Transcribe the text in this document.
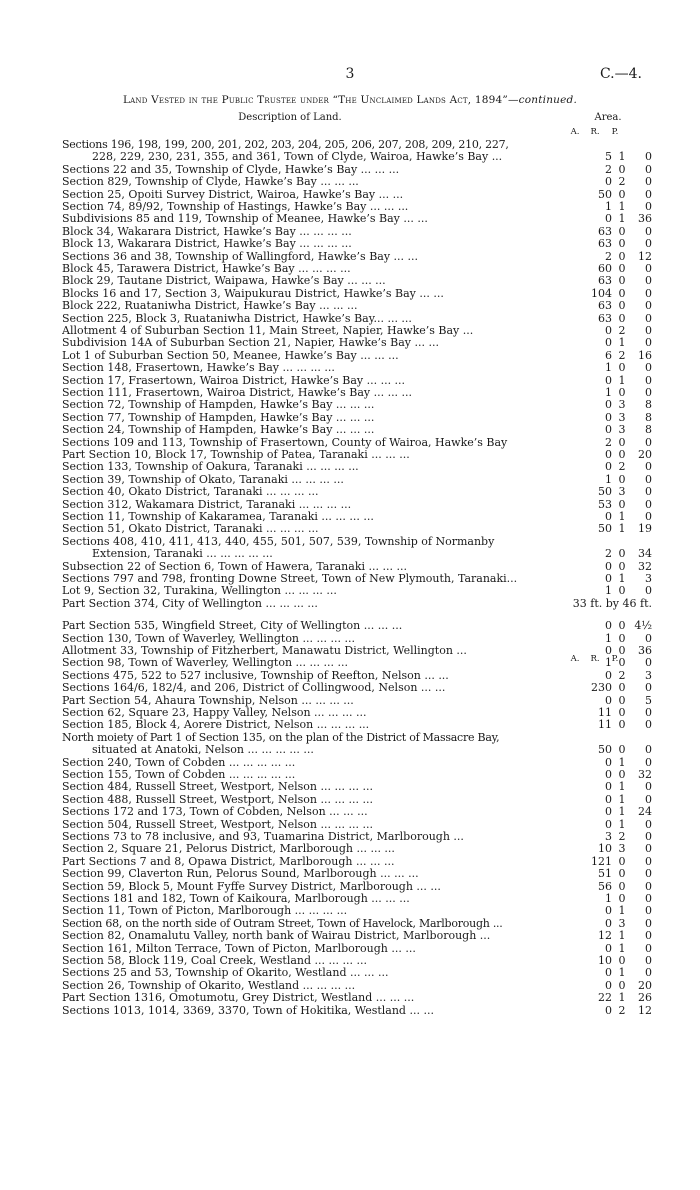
3	C.—4.
Land Vested in the Public Trustee under “The Unclaimed Lands Act, 1894”—continued.
Description of Land.	Area.
A.	R.	P.
A.	R.	P.
Sections 196, 198, 199, 200, 201, 202, 203, 204, 205, 206, 207, 208, 209, 210, 227,
228, 229, 230, 231, 355, and 361, Town of Clyde, Wairoa, Hawke’s Bay ...	5 1	0
Sections 22 and 35, Township of Clyde, Hawke’s Bay ... ... ...	2 0	0
Section 829, Township of Clyde, Hawke’s Bay ... ... ...	0 2	0
Section 25, Opoiti Survey District, Wairoa, Hawke’s Bay ... ...	50 0	0
Section 74, 89/92, Township of Hastings, Hawke’s Bay ... ... ...	1 1	0
Subdivisions 85 and 119, Township of Meanee, Hawke’s Bay ... ...	0 1	36
Block 34, Wakarara District, Hawke’s Bay ... ... ... ...	63 0	0
Block 13, Wakarara District, Hawke’s Bay ... ... ... ...	63 0	0
Sections 36 and 38, Township of Wallingford, Hawke’s Bay ... ...	2 0	12
Block 45, Tarawera District, Hawke’s Bay ... ... ... ...	60 0	0
Block 29, Tautane District, Waipawa, Hawke’s Bay ... ... ...	63 0	0
Blocks 16 and 17, Section 3, Waipukurau District, Hawke’s Bay ... ...	104 0	0
Block 222, Ruataniwha District, Hawke’s Bay ... ... ...	63 0	0
Section 225, Block 3, Ruataniwha District, Hawke’s Bay... ... ...	63 0	0
Allotment 4 of Suburban Section 11, Main Street, Napier, Hawke’s Bay ...	0 2	0
Subdivision 14A of Suburban Section 21, Napier, Hawke’s Bay ... ...	0 1	0
Lot 1 of Suburban Section 50, Meanee, Hawke’s Bay ... ... ...	6 2	16
Section 148, Frasertown, Hawke’s Bay ... ... ... ...	1 0	0
Section 17, Frasertown, Wairoa District, Hawke’s Bay ... ... ...	0 1	0
Section 111, Frasertown, Wairoa District, Hawke’s Bay ... ... ...	1 0	0
Section 72, Township of Hampden, Hawke’s Bay ... ... ...	0 3	8
Section 77, Township of Hampden, Hawke’s Bay ... ... ...	0 3	8
Section 24, Township of Hampden, Hawke’s Bay ... ... ...	0 3	8
Sections 109 and 113, Township of Frasertown, County of Wairoa, Hawke’s Bay	2 0	0
Part Section 10, Block 17, Township of Patea, Taranaki ... ... ...	0 0	20
Section 133, Township of Oakura, Taranaki ... ... ... ...	0 2	0
Section 39, Township of Okato, Taranaki ... ... ... ...	1 0	0
Section 40, Okato District, Taranaki ... ... ... ...	50 3	0
Section 312, Wakamara District, Taranaki ... ... ... ...	53 0	0
Section 11, Township of Kakaramea, Taranaki ... ... ... ...	0 1	0
Section 51, Okato District, Taranaki ... ... ... ...	50 1	19
Sections 408, 410, 411, 413, 440, 455, 501, 507, 539, Township of Normanby
Extension, Taranaki ... ... ... ... ...	2 0	34
Subsection 22 of Section 6, Town of Hawera, Taranaki ... ... ...	0 0	32
Sections 797 and 798, fronting Downe Street, Town of New Plymouth, Taranaki...	0 1	3
Lot 9, Section 32, Turakina, Wellington ... ... ... ...	1 0	0
Part Section 374, City of Wellington ... ... ... ...	33 ft. by 46 ft.
Part Section 535, Wingfield Street, City of Wellington ... ... ...	0 0 4½
Section 130, Town of Waverley, Wellington ... ... ... ...	1 0	0
Allotment 33, Township of Fitzherbert, Manawatu District, Wellington ...	0 0	36
Section 98, Town of Waverley, Wellington ... ... ... ...	1 0	0
Sections 475, 522 to 527 inclusive, Township of Reefton, Nelson ... ...	0 2	3
Sections 164/6, 182/4, and 206, District of Collingwood, Nelson ... ...	230 0	0
Part Section 54, Ahaura Township, Nelson ... ... ... ...	0 0	5
Section 62, Square 23, Happy Valley, Nelson ... ... ... ...	11 0	0
Section 185, Block 4, Aorere District, Nelson ... ... ... ...	11 0	0
North moiety of Part 1 of Section 135, on the plan of the District of Massacre Bay,
situated at Anatoki, Nelson ... ... ... ... ...	50 0	0
Section 240, Town of Cobden ... ... ... ... ...	0 1	0
Section 155, Town of Cobden ... ... ... ... ...	0 0	32
Section 484, Russell Street, Westport, Nelson ... ... ... ...	0 1	0
Section 488, Russell Street, Westport, Nelson ... ... ... ...	0 1	0
Sections 172 and 173, Town of Cobden, Nelson ... ... ...	0 1	24
Section 504, Russell Street, Westport, Nelson ... ... ... ...	0 1	0
Sections 73 to 78 inclusive, and 93, Tuamarina District, Marlborough ...	3 2	0
Section 2, Square 21, Pelorus District, Marlborough ... ... ...	10 3	0
Part Sections 7 and 8, Opawa District, Marlborough ... ... ...	121 0	0
Section 99, Claverton Run, Pelorus Sound, Marlborough ... ... ...	51 0	0
Section 59, Block 5, Mount Fyffe Survey District, Marlborough ... ...	56 0	0
Sections 181 and 182, Town of Kaikoura, Marlborough ... ... ...	1 0	0
Section 11, Town of Picton, Marlborough ... ... ... ...	0 1	0
Section 68, on the north side of Outram Street, Town of Havelock, Marlborough ...	0 3	0
Section 82, Onamalutu Valley, north bank of Wairau District, Marlborough ...	12 1	0
Section 161, Milton Terrace, Town of Picton, Marlborough ... ...	0 1	0
Section 58, Block 119, Coal Creek, Westland ... ... ... ...	10 0	0
Sections 25 and 53, Township of Okarito, Westland ... ... ...	0 1	0
Section 26, Township of Okarito, Westland ... ... ... ...	0 0	20
Part Section 1316, Omotumotu, Grey District, Westland ... ... ...	22 1	26
Sections 1013, 1014, 3369, 3370, Town of Hokitika, Westland ... ...	0 2	12
